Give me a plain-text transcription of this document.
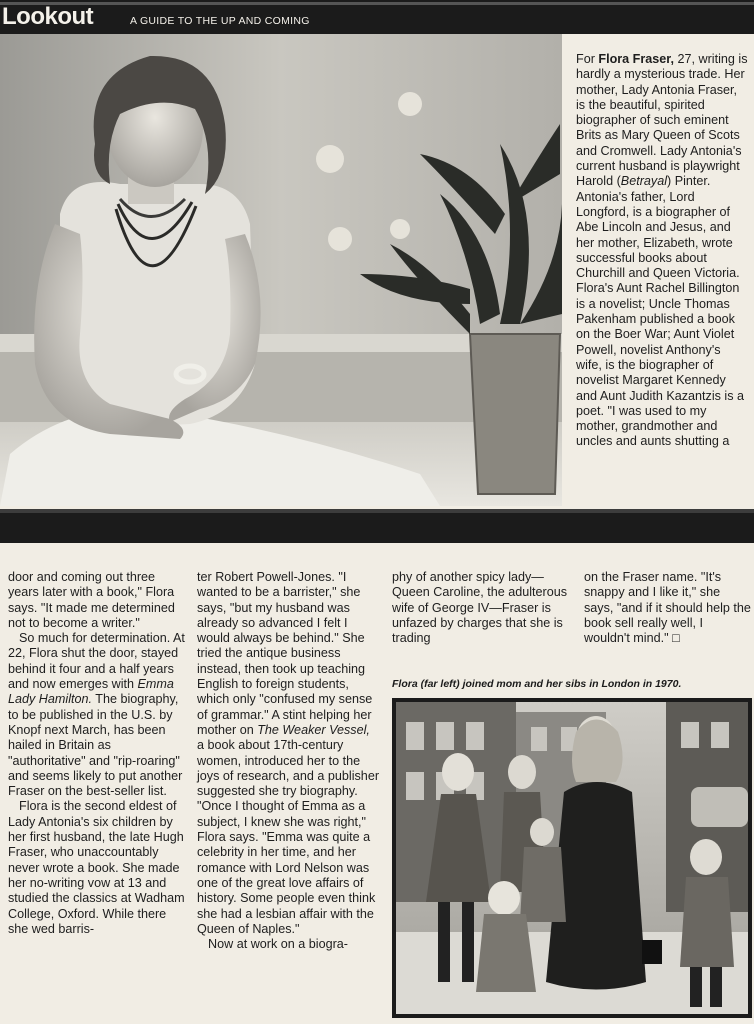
Lookout	A GUIDE TO THE UP AND COMING

For Flora Fraser, 27, writing is hardly a mysterious trade. Her mother, Lady Antonia Fraser, is the beautiful, spirited biographer of such eminent Brits as Mary Queen of Scots and Cromwell. Lady Antonia's current husband is playwright Harold (Betrayal) Pinter. Antonia's father, Lord Longford, is a biographer of Abe Lincoln and Jesus, and her mother, Elizabeth, wrote successful books about Churchill and Queen Victoria. Flora's Aunt Rachel Billington is a novelist; Uncle Thomas Pakenham published a book on the Boer War; Aunt Violet Powell, novelist Anthony's wife, is the biographer of novelist Margaret Kennedy and Aunt Judith Kazantzis is a poet. "I was used to my mother, grandmother and uncles and aunts shutting a

door and coming out three years later with a book," Flora says. "It made me determined not to become a writer."

So much for determination. At 22, Flora shut the door, stayed behind it four and a half years and now emerges with Emma Lady Hamilton. The biography, to be published in the U.S. by Knopf next March, has been hailed in Britain as "authoritative" and "rip-roaring" and seems likely to put another Fraser on the best-seller list.

Flora is the second eldest of Lady Antonia's six children by her first husband, the late Hugh Fraser, who unaccountably never wrote a book. She made her no-writing vow at 13 and studied the classics at Wadham College, Oxford. While there she wed barris-

ter Robert Powell-Jones. "I wanted to be a barrister," she says, "but my husband was already so advanced I felt I would always be behind." She tried the antique business instead, then took up teaching English to foreign students, which only "confused my sense of grammar." A stint helping her mother on The Weaker Vessel, a book about 17th-century women, introduced her to the joys of research, and a publisher suggested she try biography. "Once I thought of Emma as a subject, I knew she was right," Flora says. "Emma was quite a celebrity in her time, and her romance with Lord Nelson was one of the great love affairs of history. Some people even think she had a lesbian affair with the Queen of Naples."

Now at work on a biogra-

phy of another spicy lady—Queen Caroline, the adulterous wife of George IV—Fraser is unfazed by charges that she is trading

on the Fraser name. "It's snappy and I like it," she says, "and if it should help the book sell really well, I wouldn't mind." □

Flora (far left) joined mom and her sibs in London in 1970.
